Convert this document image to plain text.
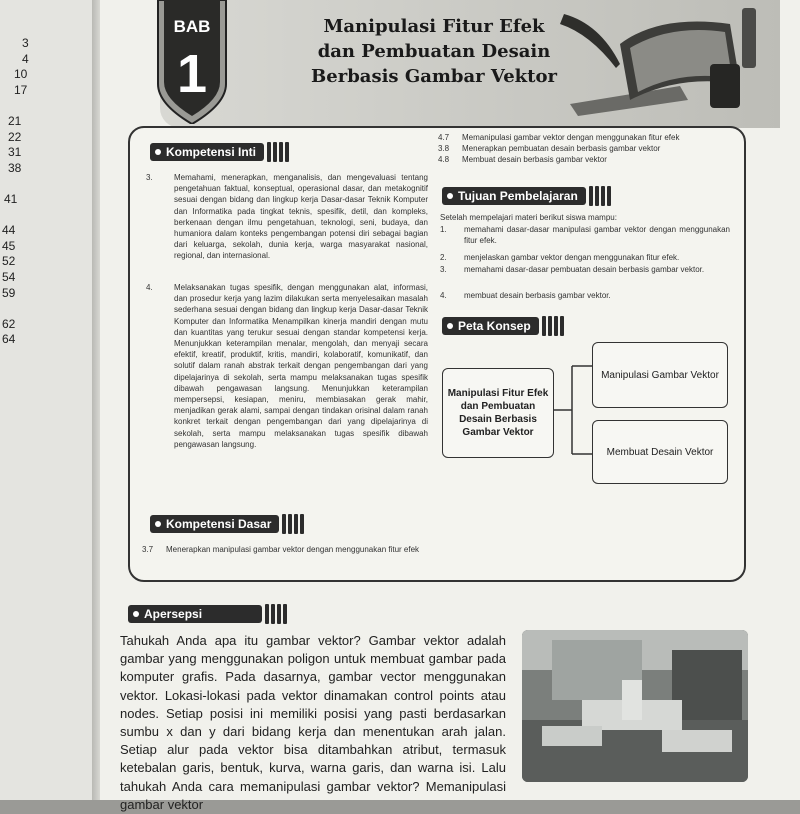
3
4
10
17
21
22
31
38
41
44
45
52
54
59
62
64
BAB
1
Manipulasi Fitur Efek
dan Pembuatan Desain
Berbasis Gambar Vektor
Kompetensi Inti
3.	Memahami, menerapkan, menganalisis, dan mengevaluasi tentang pengetahuan faktual, konseptual, operasional dasar, dan metakognitif sesuai dengan bidang dan lingkup kerja Dasar-dasar Teknik Komputer dan Informatika pada tingkat teknis, spesifik, detil, dan kompleks, berkenaan dengan ilmu pengetahuan, teknologi, seni, budaya, dan humaniora dalam konteks pengembangan potensi diri sebagai bagian dari keluarga, sekolah, dunia kerja, warga masyarakat nasional, regional, dan internasional.
4.	Melaksanakan tugas spesifik, dengan menggunakan alat, informasi, dan prosedur kerja yang lazim dilakukan serta menyelesaikan masalah sederhana sesuai dengan bidang dan lingkup kerja Dasar-dasar Teknik Komputer dan Informatika Menampilkan kinerja mandiri dengan mutu dan kuantitas yang terukur sesuai dengan standar kompetensi kerja. Menunjukkan keterampilan menalar, mengolah, dan menyaji secara efektif, kreatif, produktif, kritis, mandiri, kolaboratif, komunikatif, dan solutif dalam ranah abstrak terkait dengan pengembangan dari yang dipelajarinya di sekolah, serta mampu melaksanakan tugas spesifik dibawah pengawasan langsung. Menunjukkan keterampilan mempersepsi, kesiapan, meniru, membiasakan gerak mahir, menjadikan gerak alami, sampai dengan tindakan orisinal dalam ranah konkret terkait dengan pengembangan dari yang dipelajarinya di sekolah, serta mampu melaksanakan tugas spesifik dibawah pengawasan langsung.
Kompetensi Dasar
3.7	Menerapkan manipulasi gambar vektor dengan menggunakan fitur efek
4.7	Memanipulasi gambar vektor dengan menggunakan fitur efek
3.8	Menerapkan pembuatan desain berbasis gambar vektor
4.8	Membuat desain berbasis gambar vektor
Tujuan Pembelajaran
Setelah mempelajari materi berikut siswa mampu:
1.	memahami dasar-dasar manipulasi gambar vektor dengan menggunakan fitur efek.
2.	menjelaskan gambar vektor dengan menggunakan fitur efek.
3.	memahami dasar-dasar pembuatan desain berbasis gambar vektor.
4.	membuat desain berbasis gambar vektor.
Peta Konsep
Manipulasi Fitur Efek dan Pembuatan Desain Berbasis Gambar Vektor
Manipulasi Gambar Vektor
Membuat Desain Vektor
Apersepsi
Tahukah Anda apa itu gambar vektor? Gambar vektor adalah gambar yang menggunakan poligon untuk membuat gambar pada komputer grafis. Pada dasarnya, gambar vector menggunakan vektor. Lokasi-lokasi pada vektor dinamakan control points atau nodes. Setiap posisi ini memiliki posisi yang pasti berdasarkan sumbu x dan y dari bidang kerja dan menentukan arah jalan. Setiap alur pada vektor bisa ditambahkan atribut, termasuk ketebalan garis, bentuk, kurva, warna garis, dan warna isi. Lalu tahukah Anda cara memanipulasi gambar vektor? Memanipulasi gambar vektor
